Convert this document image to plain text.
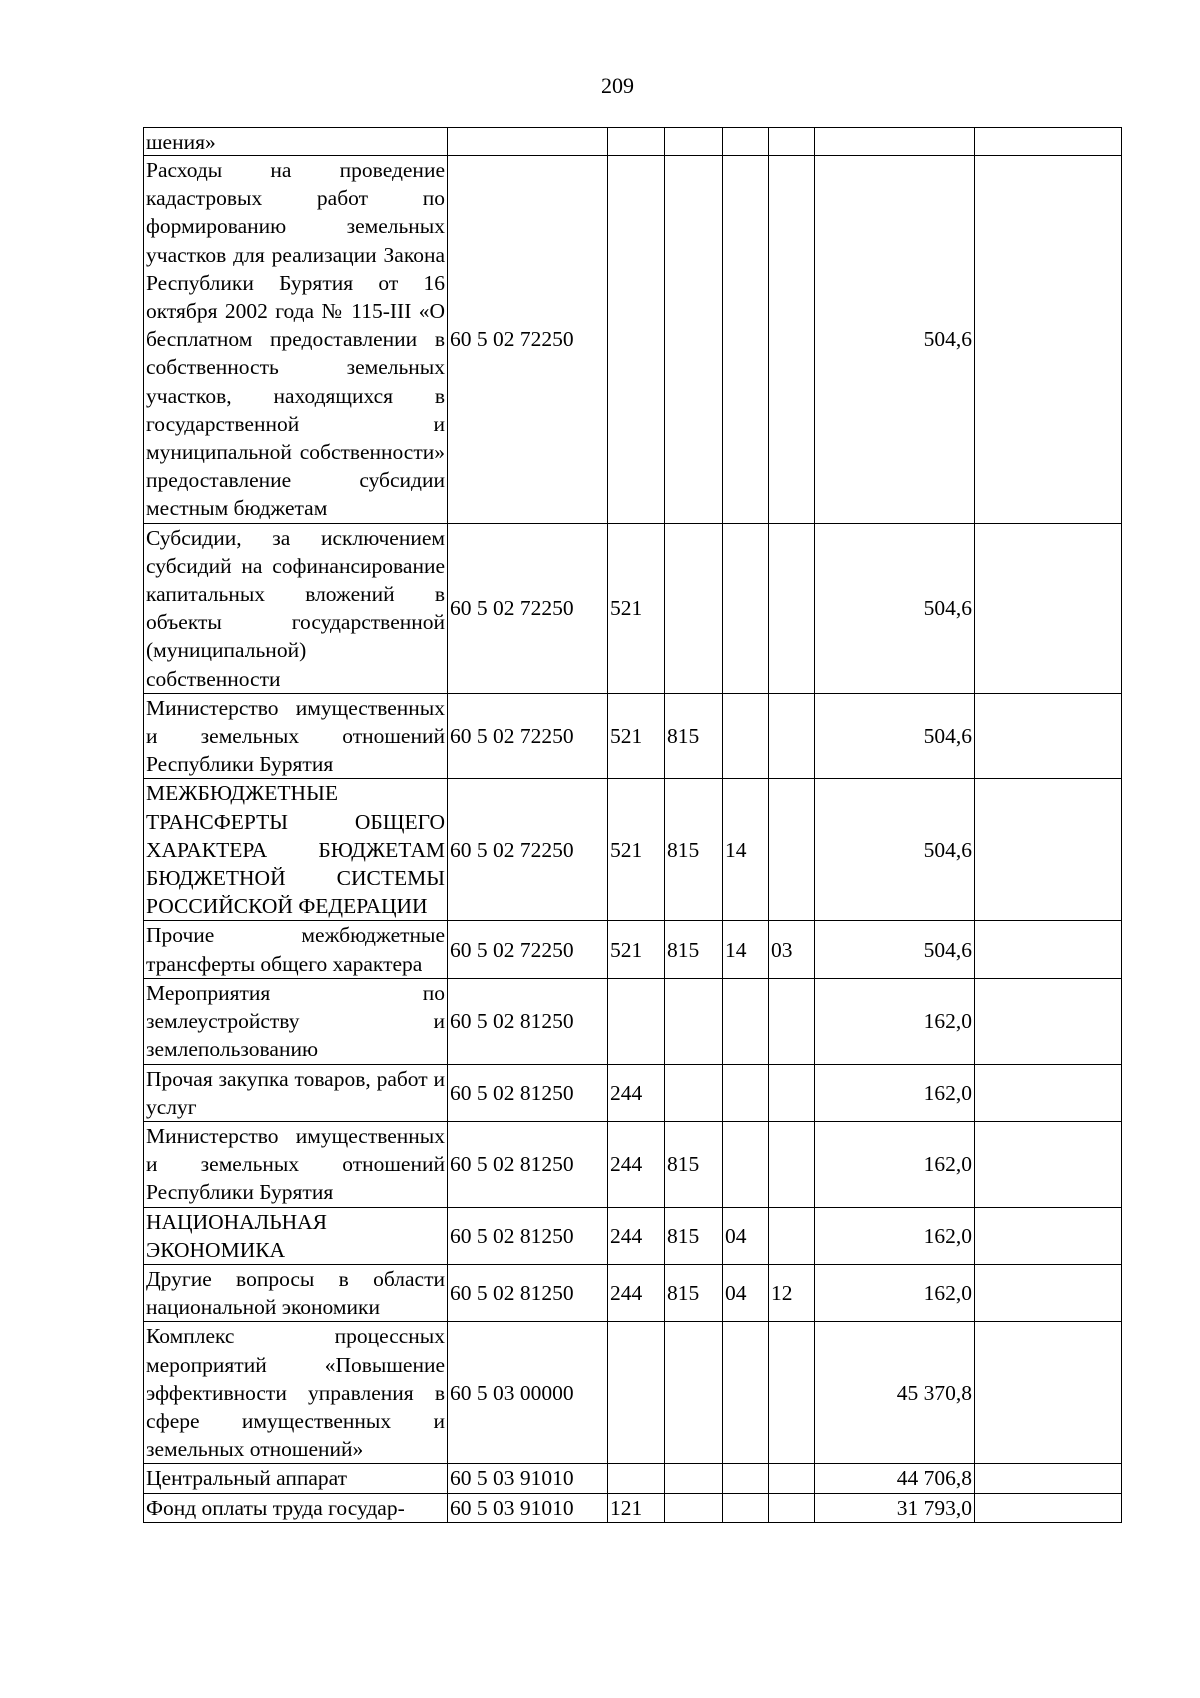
209
шения»							
Расходы на проведение кадастровых работ по формированию земельных участков для реализации Закона Республики Бурятия от 16 октября 2002 года № 115-III «О бесплатном предоставлении в собственность земельных участков, находящихся в государственной и муниципальной собственности» предоставление субсидии местным бюджетам	60 5 02 72250					504,6	
Субсидии, за исключением субсидий на софинансирование капитальных вложений в объекты государственной (муниципальной) собственности	60 5 02 72250	521				504,6	
Министерство имущественных и земельных отношений Республики Бурятия	60 5 02 72250	521	815			504,6	
МЕЖБЮДЖЕТНЫЕ ТРАНСФЕРТЫ ОБЩЕГО ХАРАКТЕРА БЮДЖЕТАМ БЮДЖЕТНОЙ СИСТЕМЫ РОССИЙСКОЙ ФЕДЕРАЦИИ	60 5 02 72250	521	815	14		504,6	
Прочие межбюджетные трансферты общего характера	60 5 02 72250	521	815	14	03	504,6	
Мероприятия по землеустройству и землепользованию	60 5 02 81250					162,0	
Прочая закупка товаров, работ и услуг	60 5 02 81250	244				162,0	
Министерство имущественных и земельных отношений Республики Бурятия	60 5 02 81250	244	815			162,0	
НАЦИОНАЛЬНАЯ ЭКОНОМИКА	60 5 02 81250	244	815	04		162,0	
Другие вопросы в области национальной экономики	60 5 02 81250	244	815	04	12	162,0	
Комплекс процессных мероприятий «Повышение эффективности управления в сфере имущественных и земельных отношений»	60 5 03 00000					45 370,8	
Центральный аппарат	60 5 03 91010					44 706,8	
Фонд оплаты труда государ-	60 5 03 91010	121				31 793,0	
